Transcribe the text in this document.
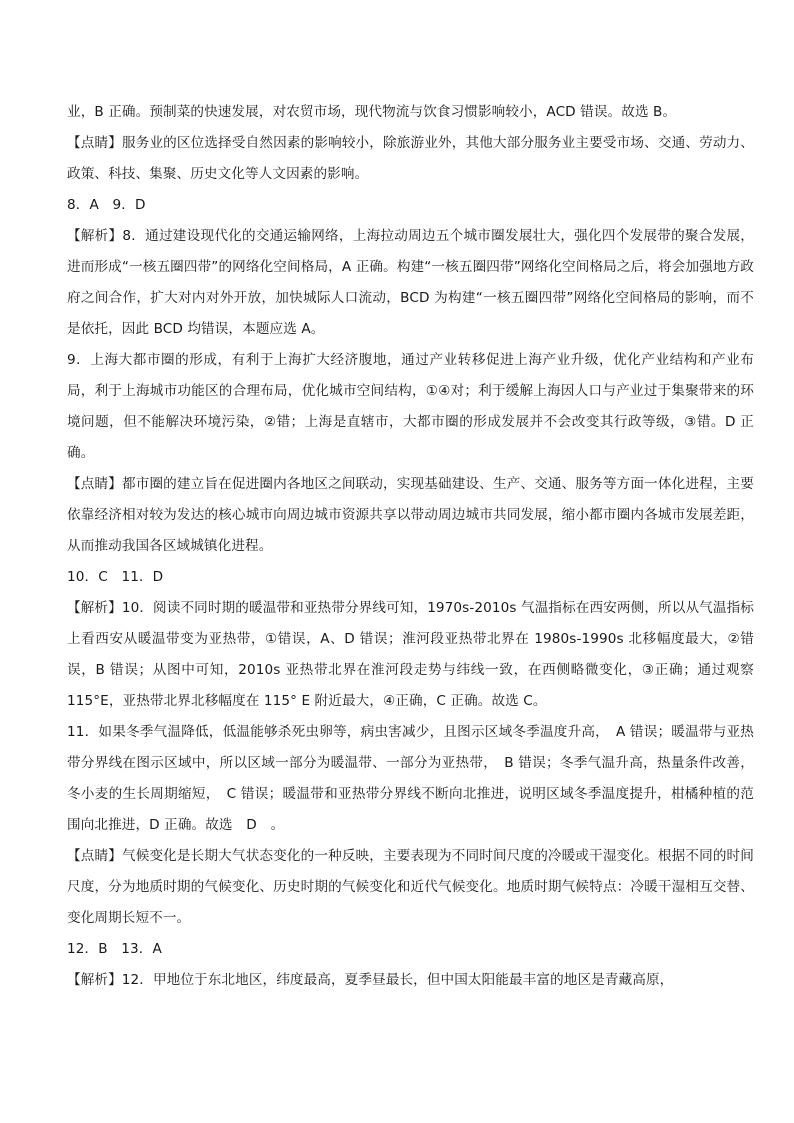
业，B 正确。预制菜的快速发展，对农贸市场，现代物流与饮食习惯影响较小，ACD 错误。故选 B。

【点睛】服务业的区位选择受自然因素的影响较小，除旅游业外，其他大部分服务业主要受市场、交通、劳动力、政策、科技、集聚、历史文化等人文因素的影响。

8．A　9．D

【解析】8．通过建设现代化的交通运输网络，上海拉动周边五个城市圈发展壮大，强化四个发展带的聚合发展，进而形成“一核五圈四带”的网络化空间格局，A 正确。构建“一核五圈四带”网络化空间格局之后，将会加强地方政府之间合作，扩大对内对外开放，加快城际人口流动，BCD 为构建“一核五圈四带”网络化空间格局的影响，而不是依托，因此 BCD 均错误，本题应选 A。

9．上海大都市圈的形成，有利于上海扩大经济腹地，通过产业转移促进上海产业升级，优化产业结构和产业布局，利于上海城市功能区的合理布局，优化城市空间结构，①④对；利于缓解上海因人口与产业过于集聚带来的环境问题，但不能解决环境污染，②错；上海是直辖市，大都市圈的形成发展并不会改变其行政等级，③错。D 正确。

【点睛】都市圈的建立旨在促进圈内各地区之间联动，实现基础建设、生产、交通、服务等方面一体化进程，主要依靠经济相对较为发达的核心城市向周边城市资源共享以带动周边城市共同发展，缩小都市圈内各城市发展差距，从而推动我国各区域城镇化进程。

10．C　11．D

【解析】10．阅读不同时期的暖温带和亚热带分界线可知，1970s-2010s 气温指标在西安两侧，所以从气温指标上看西安从暖温带变为亚热带，①错误，A、D 错误；淮河段亚热带北界在 1980s-1990s 北移幅度最大，②错误，B 错误；从图中可知，2010s 亚热带北界在淮河段走势与纬线一致，在西侧略微变化，③正确；通过观察 115°E，亚热带北界北移幅度在 115° E 附近最大，④正确，C 正确。故选 C。

11．如果冬季气温降低，低温能够杀死虫卵等，病虫害减少，且图示区域冬季温度升高，　A 错误；暖温带与亚热带分界线在图示区域中，所以区域一部分为暖温带、一部分为亚热带，　B 错误；冬季气温升高，热量条件改善，冬小麦的生长周期缩短，　C 错误；暖温带和亚热带分界线不断向北推进，说明区域冬季温度提升，柑橘种植的范围向北推进，D 正确。故选　D　。

【点睛】气候变化是长期大气状态变化的一种反映，主要表现为不同时间尺度的冷暖或干湿变化。根据不同的时间尺度，分为地质时期的气候变化、历史时期的气候变化和近代气候变化。地质时期气候特点：冷暖干湿相互交替、变化周期长短不一。

12．B　13．A

【解析】12．甲地位于东北地区，纬度最高，夏季昼最长，但中国太阳能最丰富的地区是青藏高原，
